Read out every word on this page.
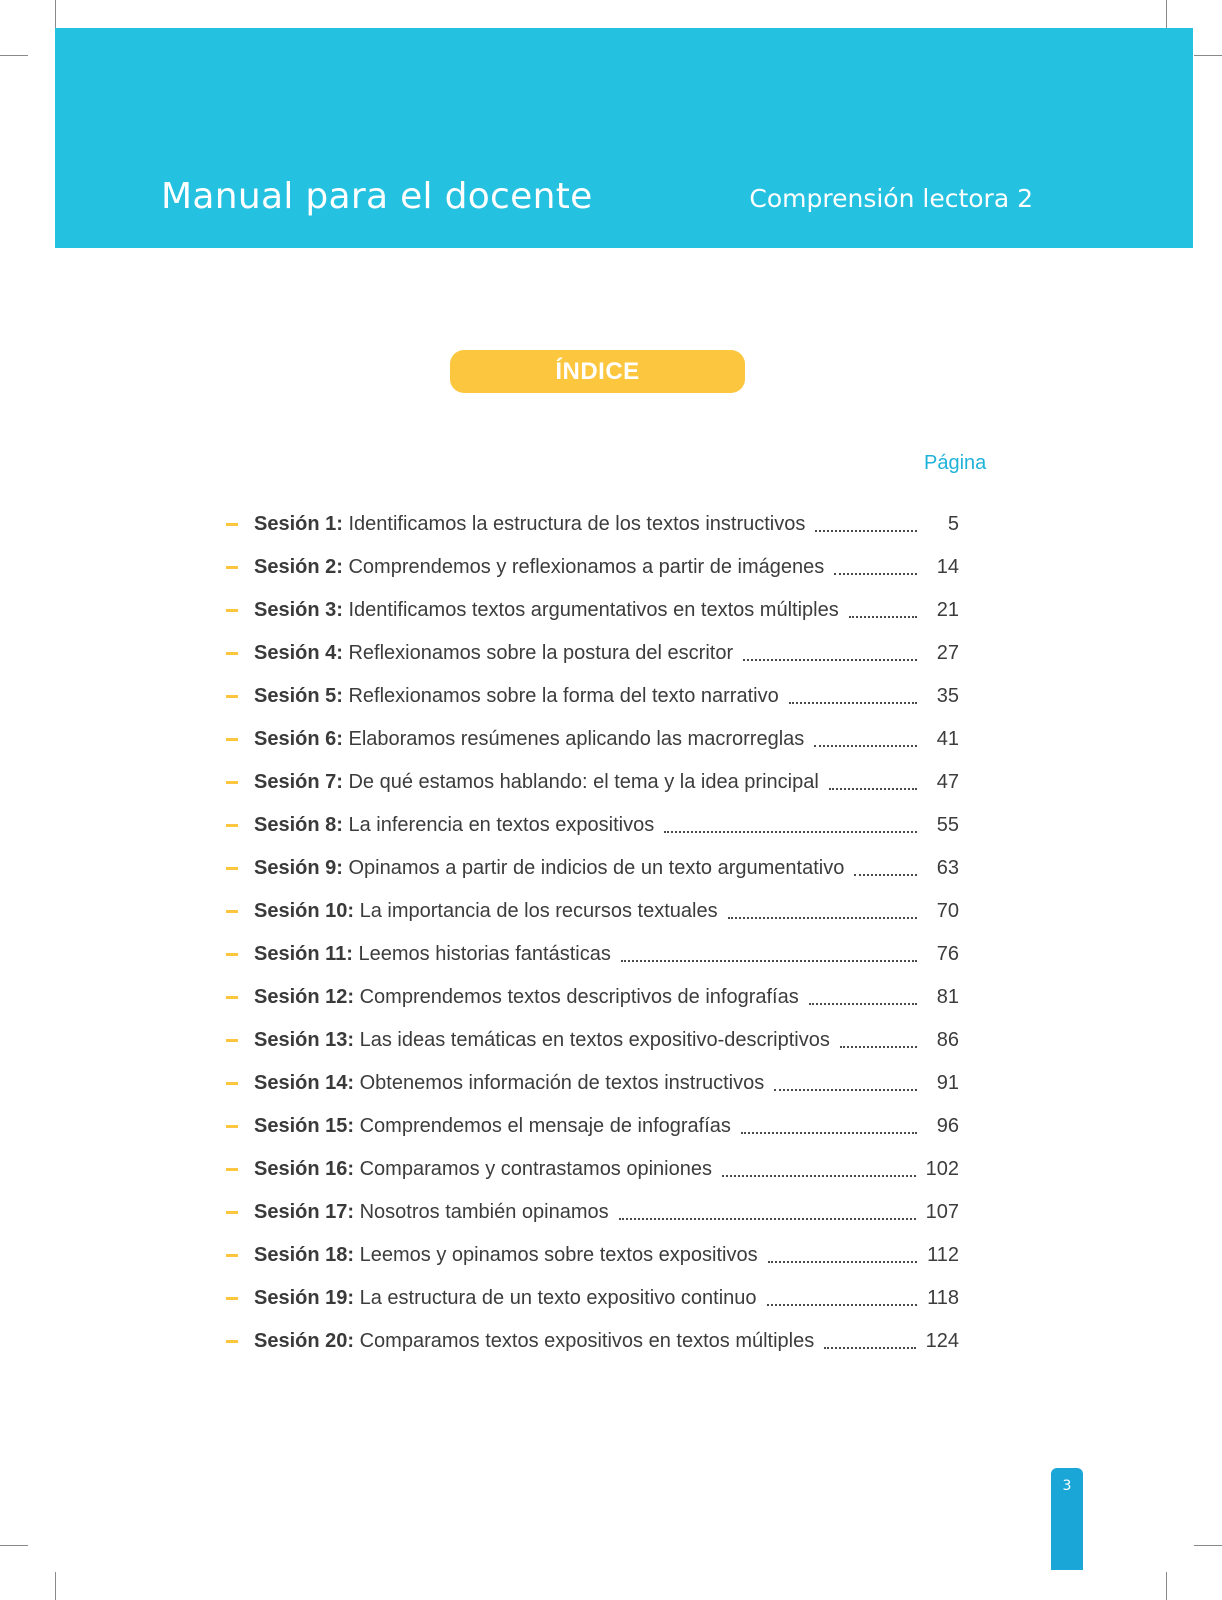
Manual para el docente	Comprensión lectora 2
ÍNDICE
Página
Sesión 1: Identificamos la estructura de los textos instructivos	5
Sesión 2: Comprendemos y reflexionamos a partir de imágenes	14
Sesión 3: Identificamos textos argumentativos en textos múltiples	21
Sesión 4: Reflexionamos sobre la postura del escritor	27
Sesión 5: Reflexionamos sobre la forma del texto narrativo	35
Sesión 6: Elaboramos resúmenes aplicando las macrorreglas	41
Sesión 7: De qué estamos hablando: el tema y la idea principal	47
Sesión 8: La inferencia en textos expositivos	55
Sesión 9: Opinamos a partir de indicios de un texto argumentativo	63
Sesión 10: La importancia de los recursos textuales	70
Sesión 11: Leemos historias fantásticas	76
Sesión 12: Comprendemos textos descriptivos de infografías	81
Sesión 13: Las ideas temáticas en textos expositivo-descriptivos	86
Sesión 14: Obtenemos información de textos instructivos	91
Sesión 15: Comprendemos el mensaje de infografías	96
Sesión 16: Comparamos y contrastamos opiniones	102
Sesión 17: Nosotros también opinamos	107
Sesión 18: Leemos y opinamos sobre textos expositivos	112
Sesión 19: La estructura de un texto expositivo continuo	118
Sesión 20: Comparamos textos expositivos en textos múltiples	124
3
